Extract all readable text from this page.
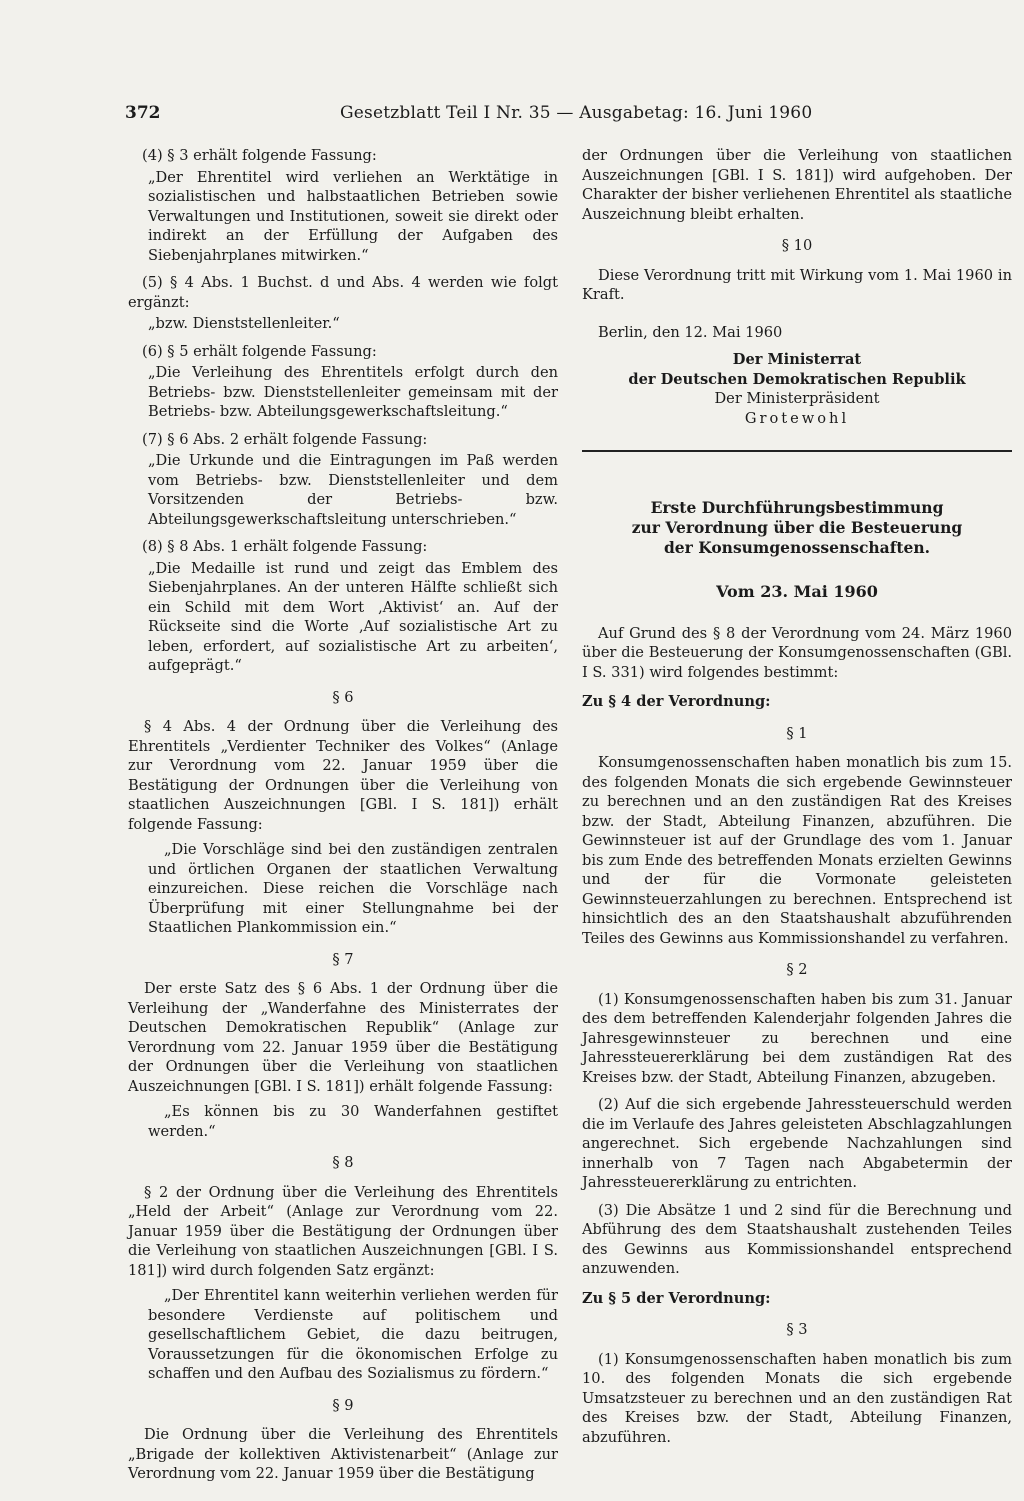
372	Gesetzblatt Teil I Nr. 35 — Ausgabetag: 16. Juni 1960

(4) § 3 erhält folgende Fassung:

„Der Ehrentitel wird verliehen an Werktätige in sozialistischen und halbstaatlichen Betrieben sowie Verwaltungen und Institutionen, soweit sie direkt oder indirekt an der Erfüllung der Aufgaben des Siebenjahrplanes mitwirken.“

(5) § 4 Abs. 1 Buchst. d und Abs. 4 werden wie folgt ergänzt:

„bzw. Dienststellenleiter.“

(6) § 5 erhält folgende Fassung:

„Die Verleihung des Ehrentitels erfolgt durch den Betriebs- bzw. Dienststellenleiter gemeinsam mit der Betriebs- bzw. Abteilungsgewerkschaftsleitung.“

(7) § 6 Abs. 2 erhält folgende Fassung:

„Die Urkunde und die Eintragungen im Paß werden vom Betriebs- bzw. Dienststellenleiter und dem Vorsitzenden der Betriebs- bzw. Abteilungsgewerkschaftsleitung unterschrieben.“

(8) § 8 Abs. 1 erhält folgende Fassung:

„Die Medaille ist rund und zeigt das Emblem des Siebenjahrplanes. An der unteren Hälfte schließt sich ein Schild mit dem Wort ‚Aktivist‘ an. Auf der Rückseite sind die Worte ‚Auf sozialistische Art zu leben, erfordert, auf sozialistische Art zu arbeiten‘, aufgeprägt.“

§ 6

§ 4 Abs. 4 der Ordnung über die Verleihung des Ehrentitels „Verdienter Techniker des Volkes“ (Anlage zur Verordnung vom 22. Januar 1959 über die Bestätigung der Ordnungen über die Verleihung von staatlichen Auszeichnungen [GBl. I S. 181]) erhält folgende Fassung:

„Die Vorschläge sind bei den zuständigen zentralen und örtlichen Organen der staatlichen Verwaltung einzureichen. Diese reichen die Vorschläge nach Überprüfung mit einer Stellungnahme bei der Staatlichen Plankommission ein.“

§ 7

Der erste Satz des § 6 Abs. 1 der Ordnung über die Verleihung der „Wanderfahne des Ministerrates der Deutschen Demokratischen Republik“ (Anlage zur Verordnung vom 22. Januar 1959 über die Bestätigung der Ordnungen über die Verleihung von staatlichen Auszeichnungen [GBl. I S. 181]) erhält folgende Fassung:

„Es können bis zu 30 Wanderfahnen gestiftet werden.“

§ 8

§ 2 der Ordnung über die Verleihung des Ehrentitels „Held der Arbeit“ (Anlage zur Verordnung vom 22. Januar 1959 über die Bestätigung der Ordnungen über die Verleihung von staatlichen Auszeichnungen [GBl. I S. 181]) wird durch folgenden Satz ergänzt:

„Der Ehrentitel kann weiterhin verliehen werden für besondere Verdienste auf politischem und gesellschaftlichem Gebiet, die dazu beitrugen, Voraussetzungen für die ökonomischen Erfolge zu schaffen und den Aufbau des Sozialismus zu fördern.“

§ 9

Die Ordnung über die Verleihung des Ehrentitels „Brigade der kollektiven Aktivistenarbeit“ (Anlage zur Verordnung vom 22. Januar 1959 über die Bestätigung

der Ordnungen über die Verleihung von staatlichen Auszeichnungen [GBl. I S. 181]) wird aufgehoben. Der Charakter der bisher verliehenen Ehrentitel als staatliche Auszeichnung bleibt erhalten.

§ 10

Diese Verordnung tritt mit Wirkung vom 1. Mai 1960 in Kraft.

Berlin, den 12. Mai 1960

Der Ministerrat

der Deutschen Demokratischen Republik

Der Ministerpräsident

Grotewohl

Erste Durchführungsbestimmung

zur Verordnung über die Besteuerung

der Konsumgenossenschaften.

Vom 23. Mai 1960

Auf Grund des § 8 der Verordnung vom 24. März 1960 über die Besteuerung der Konsumgenossenschaften (GBl. I S. 331) wird folgendes bestimmt:

Zu § 4 der Verordnung:

§ 1

Konsumgenossenschaften haben monatlich bis zum 15. des folgenden Monats die sich ergebende Gewinnsteuer zu berechnen und an den zuständigen Rat des Kreises bzw. der Stadt, Abteilung Finanzen, abzuführen. Die Gewinnsteuer ist auf der Grundlage des vom 1. Januar bis zum Ende des betreffenden Monats erzielten Gewinns und der für die Vormonate geleisteten Gewinnsteuerzahlungen zu berechnen. Entsprechend ist hinsichtlich des an den Staatshaushalt abzuführenden Teiles des Gewinns aus Kommissionshandel zu verfahren.

§ 2

(1) Konsumgenossenschaften haben bis zum 31. Januar des dem betreffenden Kalenderjahr folgenden Jahres die Jahresgewinnsteuer zu berechnen und eine Jahressteuererklärung bei dem zuständigen Rat des Kreises bzw. der Stadt, Abteilung Finanzen, abzugeben.

(2) Auf die sich ergebende Jahressteuerschuld werden die im Verlaufe des Jahres geleisteten Abschlagzahlungen angerechnet. Sich ergebende Nachzahlungen sind innerhalb von 7 Tagen nach Abgabetermin der Jahressteuererklärung zu entrichten.

(3) Die Absätze 1 und 2 sind für die Berechnung und Abführung des dem Staatshaushalt zustehenden Teiles des Gewinns aus Kommissionshandel entsprechend anzuwenden.

Zu § 5 der Verordnung:

§ 3

(1) Konsumgenossenschaften haben monatlich bis zum 10. des folgenden Monats die sich ergebende Umsatzsteuer zu berechnen und an den zuständigen Rat des Kreises bzw. der Stadt, Abteilung Finanzen, abzuführen.
